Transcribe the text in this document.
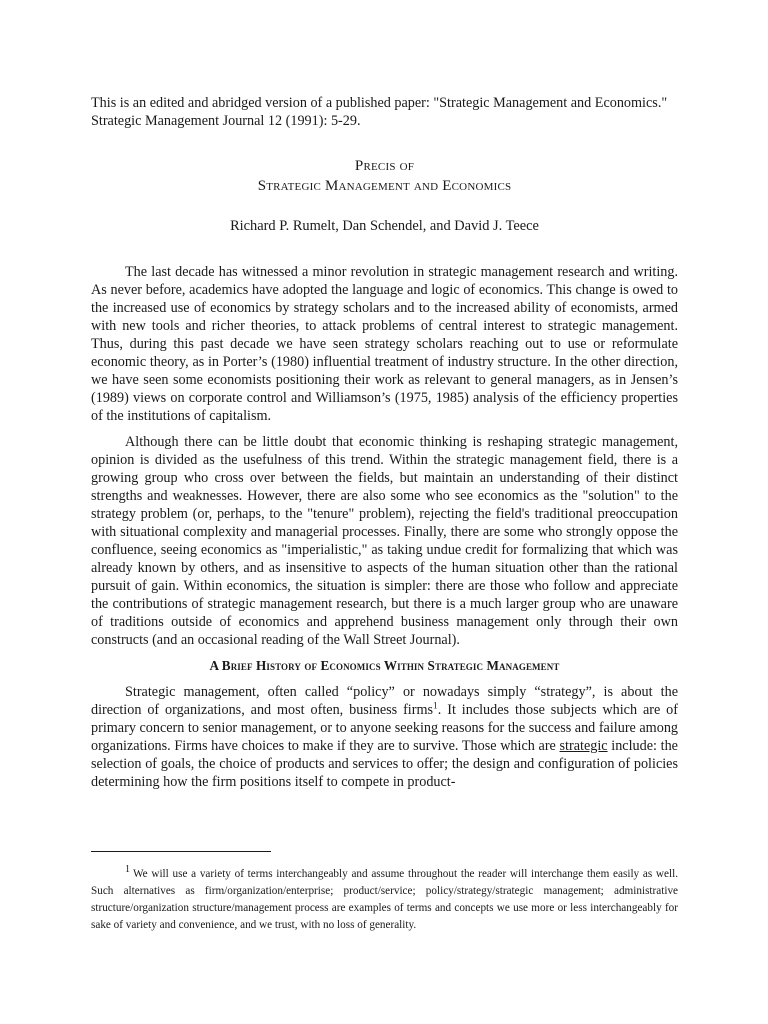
This is an edited and abridged version of a published paper: "Strategic Management and Economics." Strategic Management Journal 12 (1991): 5-29.

Precis of
Strategic Management and Economics
Richard P. Rumelt, Dan Schendel, and David J. Teece

The last decade has witnessed a minor revolution in strategic management research and writing. As never before, academics have adopted the language and logic of economics. This change is owed to the increased use of economics by strategy scholars and to the increased ability of economists, armed with new tools and richer theories, to attack problems of central interest to strategic management. Thus, during this past decade we have seen strategy scholars reaching out to use or reformulate economic theory, as in Porter’s (1980) influential treatment of industry structure. In the other direction, we have seen some economists positioning their work as relevant to general managers, as in Jensen’s (1989) views on corporate control and Williamson’s (1975, 1985) analysis of the efficiency properties of the institutions of capitalism.

Although there can be little doubt that economic thinking is reshaping strategic management, opinion is divided as the usefulness of this trend. Within the strategic management field, there is a growing group who cross over between the fields, but maintain an understanding of their distinct strengths and weaknesses. However, there are also some who see economics as the "solution" to the strategy problem (or, perhaps, to the "tenure" problem), rejecting the field's traditional preoccupation with situational complexity and managerial processes. Finally, there are some who strongly oppose the confluence, seeing economics as "imperialistic," as taking undue credit for formalizing that which was already known by others, and as insensitive to aspects of the human situation other than the rational pursuit of gain. Within economics, the situation is simpler: there are those who follow and appreciate the contributions of strategic management research, but there is a much larger group who are unaware of traditions outside of economics and apprehend business management only through their own constructs (and an occasional reading of the Wall Street Journal).

A Brief History of Economics Within Strategic Management

Strategic management, often called “policy” or nowadays simply “strategy”, is about the direction of organizations, and most often, business firms$^1$. It includes those subjects which are of primary concern to senior management, or to anyone seeking reasons for the success and failure among organizations. Firms have choices to make if they are to survive. Those which are strategic include: the selection of goals, the choice of products and services to offer; the design and configuration of policies determining how the firm positions itself to compete in product-

1 We will use a variety of terms interchangeably and assume throughout the reader will interchange them easily as well. Such alternatives as firm/organization/enterprise; product/service; policy/strategy/strategic management; administrative structure/organization structure/management process are examples of terms and concepts we use more or less interchangeably for sake of variety and convenience, and we trust, with no loss of generality.
